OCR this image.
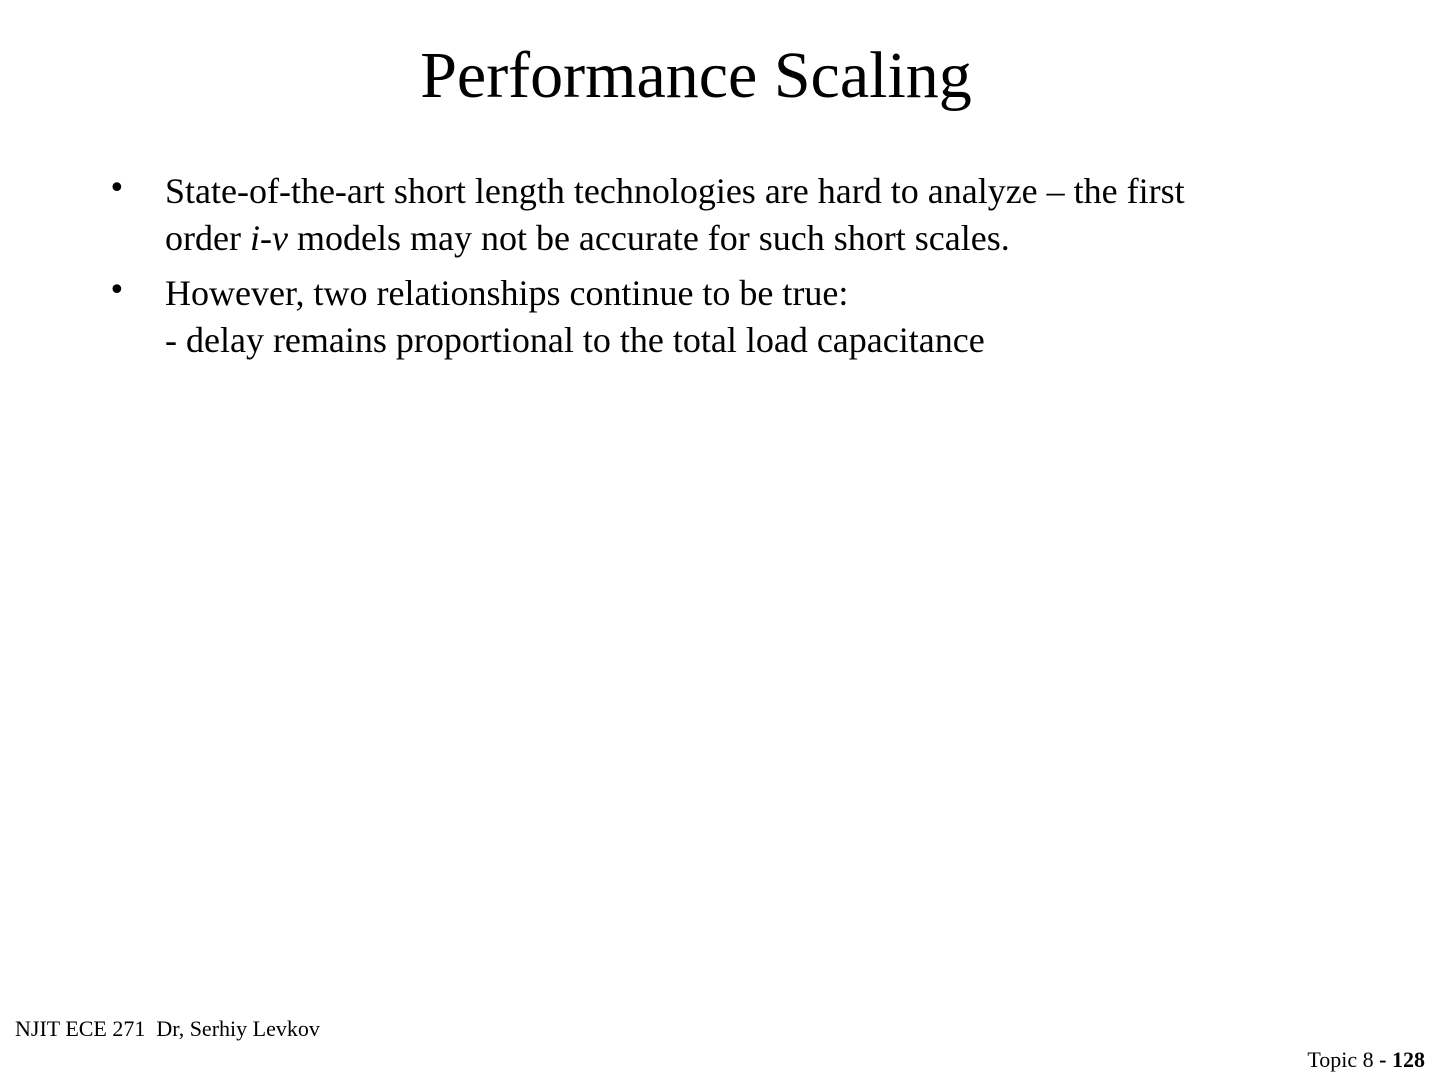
Performance Scaling
• State-of-the-art short length technologies are hard to analyze – the first
order i-v models may not be accurate for such short scales.
• However, two relationships continue to be true:
- delay remains proportional to the total load capacitance
NJIT ECE 271  Dr, Serhiy Levkov
Topic 8 - 128
